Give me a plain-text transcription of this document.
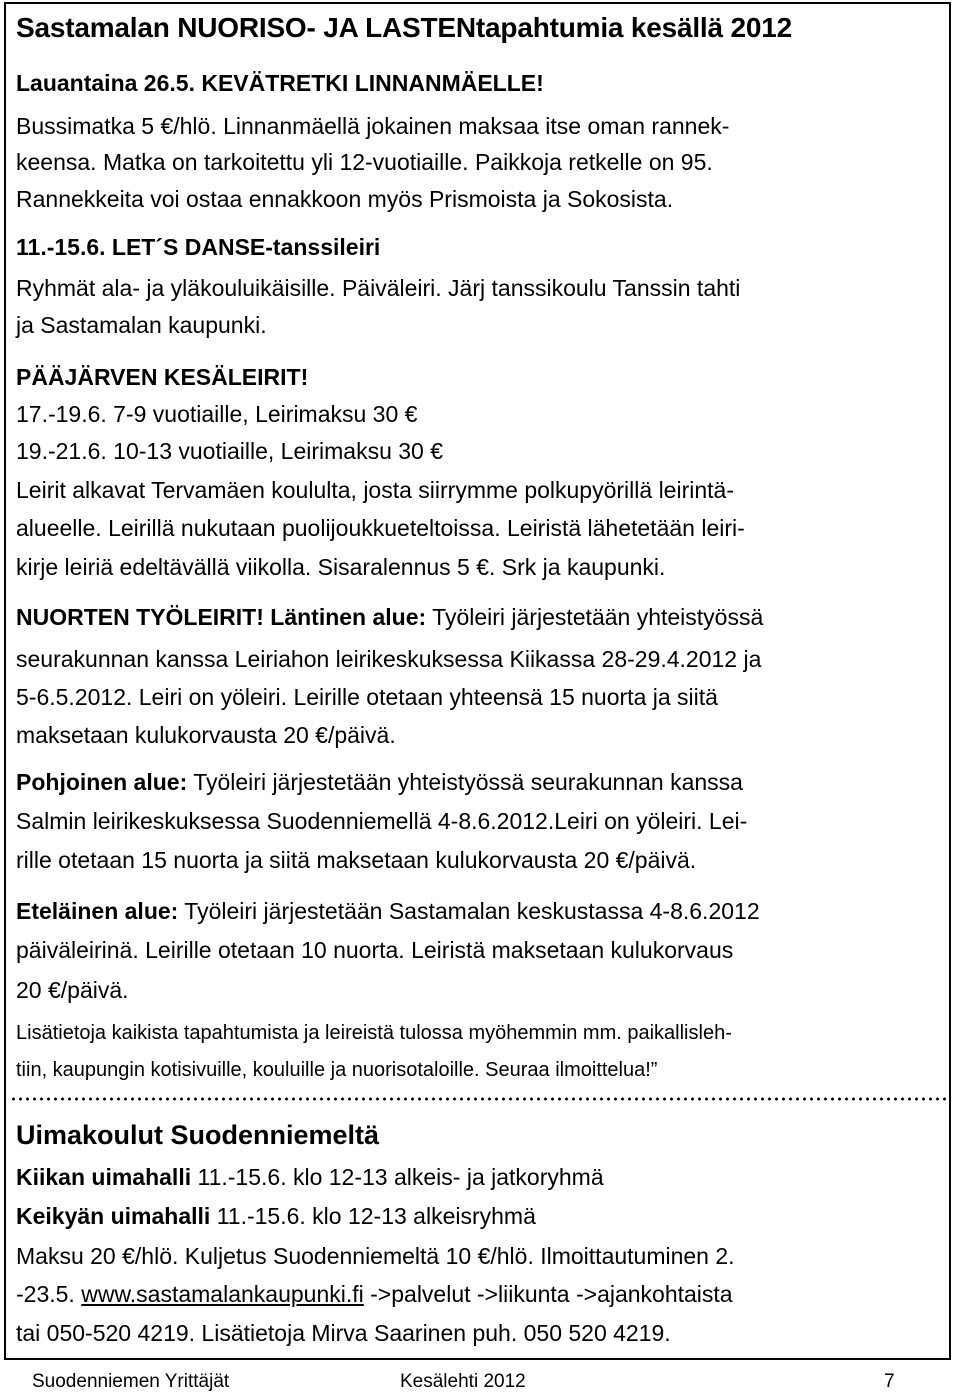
Sastamalan NUORISO- JA LASTENtapahtumia kesällä 2012
Lauantaina 26.5. KEVÄTRETKI LINNANMÄELLE!
Bussimatka 5 €/hlö. Linnanmäellä jokainen maksaa itse oman rannek-
keensa. Matka on tarkoitettu yli 12-vuotiaille. Paikkoja retkelle on 95.
Rannekkeita voi ostaa ennakkoon myös Prismoista ja Sokosista.
11.-15.6. LET´S DANSE-tanssileiri
Ryhmät ala- ja yläkouluikäisille. Päiväleiri. Järj tanssikoulu Tanssin tahti
ja Sastamalan kaupunki.
PÄÄJÄRVEN KESÄLEIRIT!
17.-19.6. 7-9 vuotiaille, Leirimaksu 30 €
19.-21.6. 10-13 vuotiaille, Leirimaksu 30 €
Leirit alkavat Tervamäen koululta, josta siirrymme polkupyörillä leirintä-
alueelle. Leirillä nukutaan puolijoukkueteltoissa. Leiristä lähetetään leiri-
kirje leiriä edeltävällä viikolla. Sisaralennus 5 €. Srk ja kaupunki.
NUORTEN TYÖLEIRIT! Läntinen alue: Työleiri järjestetään yhteistyössä
seurakunnan kanssa Leiriahon leirikeskuksessa Kiikassa 28-29.4.2012 ja
5-6.5.2012. Leiri on yöleiri. Leirille otetaan yhteensä 15 nuorta ja siitä
maksetaan kulukorvausta 20 €/päivä.
Pohjoinen alue: Työleiri järjestetään yhteistyössä seurakunnan kanssa
Salmin leirikeskuksessa Suodenniemellä 4-8.6.2012.Leiri on yöleiri. Lei-
rille otetaan 15 nuorta ja siitä maksetaan kulukorvausta 20 €/päivä.
Eteläinen alue: Työleiri järjestetään Sastamalan keskustassa 4-8.6.2012
päiväleirinä. Leirille otetaan 10 nuorta. Leiristä maksetaan kulukorvaus
20 €/päivä.
Lisätietoja kaikista tapahtumista ja leireistä tulossa myöhemmin mm. paikallisleh-
tiin, kaupungin kotisivuille, kouluille ja nuorisotaloille. Seuraa ilmoittelua!”
Uimakoulut Suodenniemeltä
Kiikan uimahalli 11.-15.6. klo 12-13 alkeis- ja jatkoryhmä
Keikyän uimahalli 11.-15.6. klo 12-13 alkeisryhmä
Maksu 20 €/hlö. Kuljetus Suodenniemeltä 10 €/hlö. Ilmoittautuminen 2.
-23.5. www.sastamalankaupunki.fi ->palvelut ->liikunta ->ajankohtaista
tai 050-520 4219. Lisätietoja Mirva Saarinen puh. 050 520 4219.
Suodenniemen Yrittäjät	Kesälehti 2012	7
